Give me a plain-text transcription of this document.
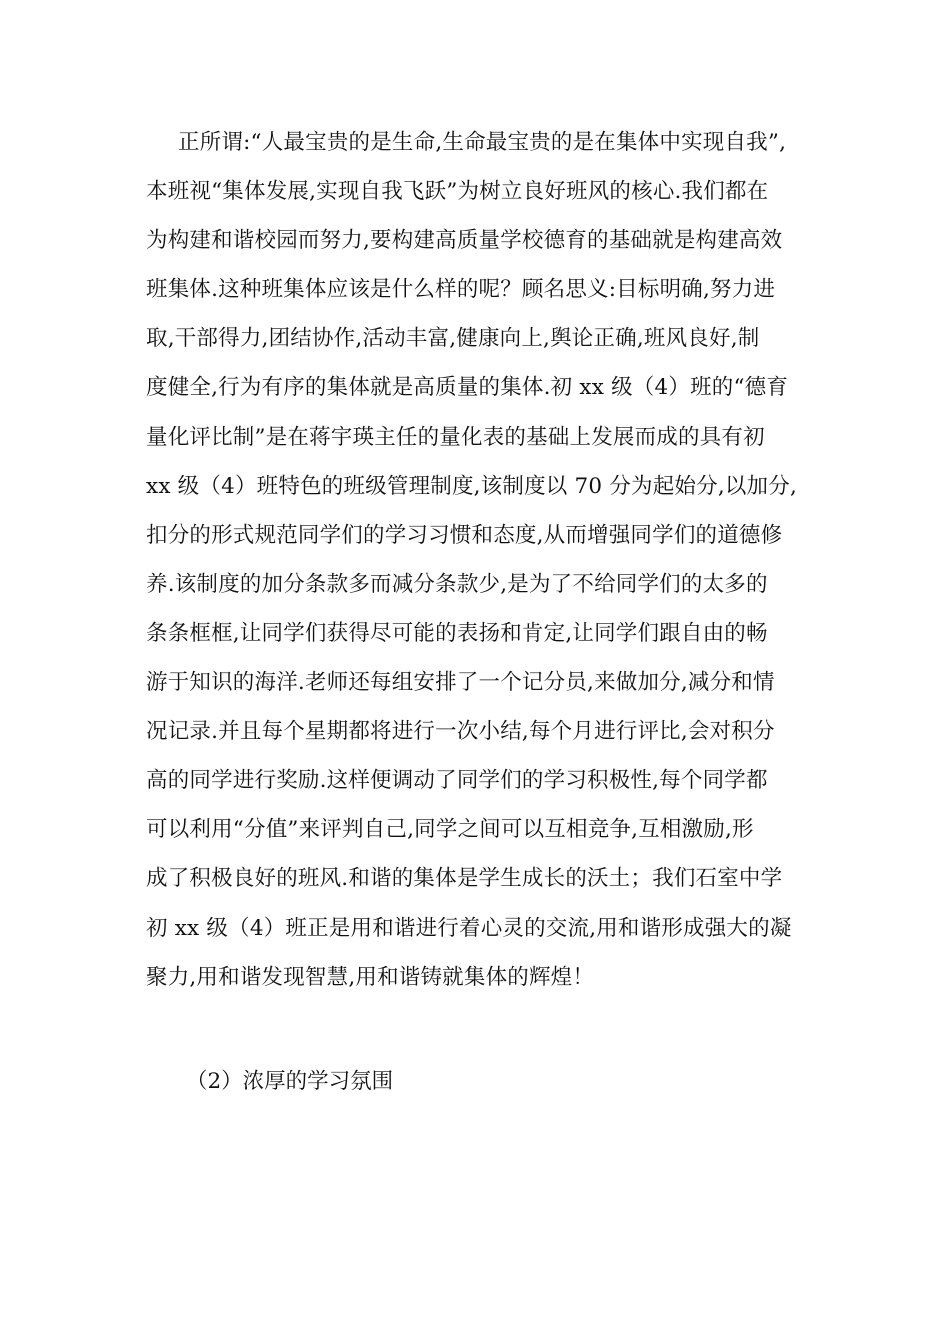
正所谓:“人最宝贵的是生命,生命最宝贵的是在集体中实现自我”,
本班视“集体发展,实现自我飞跃”为树立良好班风的核心.我们都在
为构建和谐校园而努力,要构建高质量学校德育的基础就是构建高效
班集体.这种班集体应该是什么样的呢？顾名思义:目标明确,努力进
取,干部得力,团结协作,活动丰富,健康向上,舆论正确,班风良好,制
度健全,行为有序的集体就是高质量的集体.初 xx 级（4）班的“德育
量化评比制”是在蒋宇瑛主任的量化表的基础上发展而成的具有初
xx 级（4）班特色的班级管理制度,该制度以 70 分为起始分,以加分,
扣分的形式规范同学们的学习习惯和态度,从而增强同学们的道德修
养.该制度的加分条款多而减分条款少,是为了不给同学们的太多的
条条框框,让同学们获得尽可能的表扬和肯定,让同学们跟自由的畅
游于知识的海洋.老师还每组安排了一个记分员,来做加分,减分和情
况记录.并且每个星期都将进行一次小结,每个月进行评比,会对积分
高的同学进行奖励.这样便调动了同学们的学习积极性,每个同学都
可以利用“分值”来评判自己,同学之间可以互相竞争,互相激励,形
成了积极良好的班风.和谐的集体是学生成长的沃土；我们石室中学
初 xx 级（4）班正是用和谐进行着心灵的交流,用和谐形成强大的凝
聚力,用和谐发现智慧,用和谐铸就集体的辉煌！
（2）浓厚的学习氛围
